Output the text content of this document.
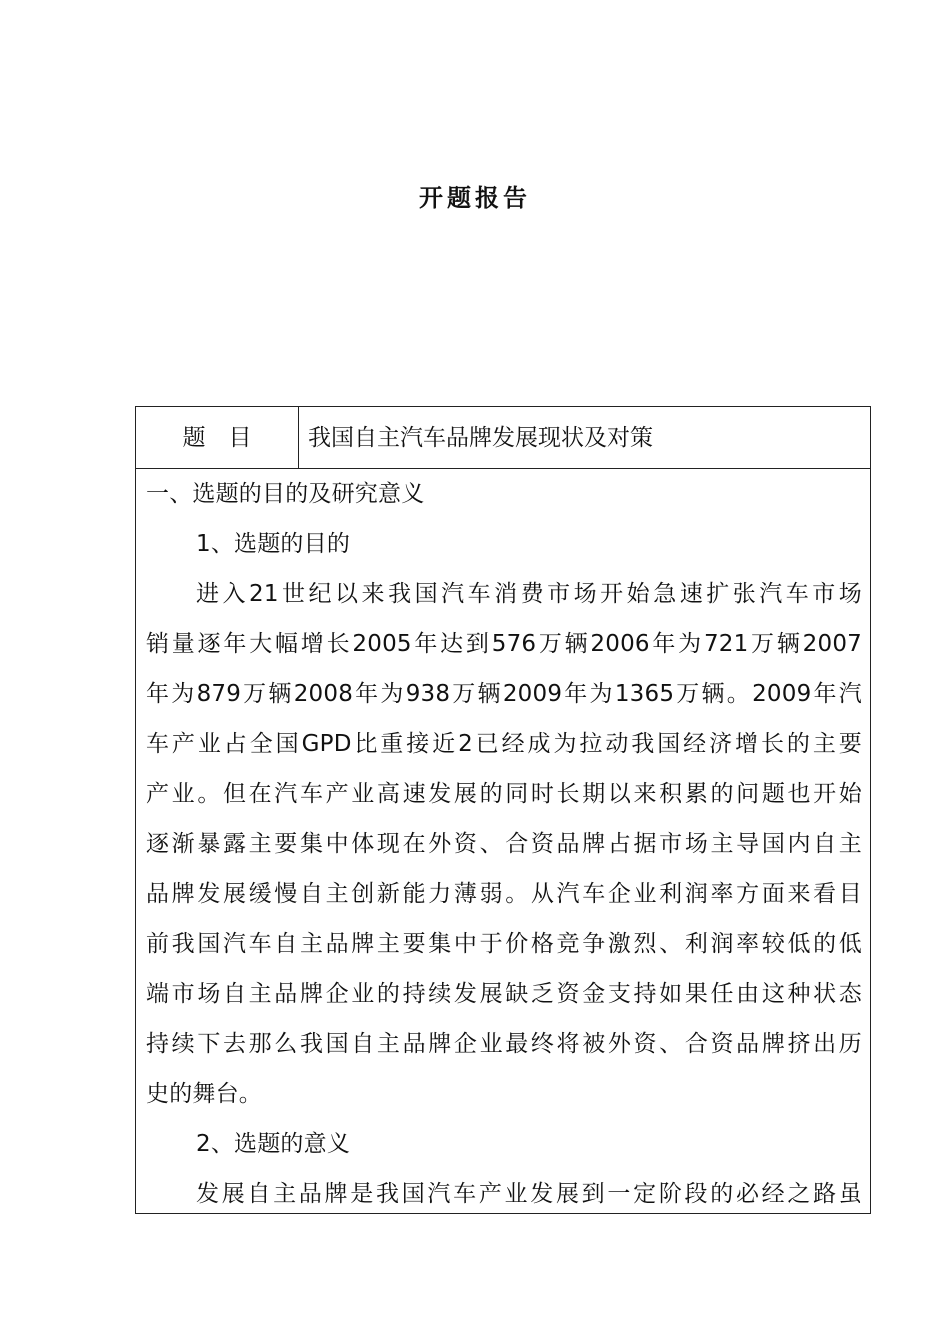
开题报告
题　目	我国自主汽车品牌发展现状及对策
一、选题的目的及研究意义
1、选题的目的
进入21世纪以来我国汽车消费市场开始急速扩张汽车市场
销量逐年大幅增长2005年达到576万辆2006年为721万辆2007
年为879万辆2008年为938万辆2009年为1365万辆。2009年汽
车产业占全国GPD比重接近2已经成为拉动我国经济增长的主要
产业。但在汽车产业高速发展的同时长期以来积累的问题也开始
逐渐暴露主要集中体现在外资、合资品牌占据市场主导国内自主
品牌发展缓慢自主创新能力薄弱。从汽车企业利润率方面来看目
前我国汽车自主品牌主要集中于价格竞争激烈、利润率较低的低
端市场自主品牌企业的持续发展缺乏资金支持如果任由这种状态
持续下去那么我国自主品牌企业最终将被外资、合资品牌挤出历
史的舞台。
2、选题的意义
发展自主品牌是我国汽车产业发展到一定阶段的必经之路虽
